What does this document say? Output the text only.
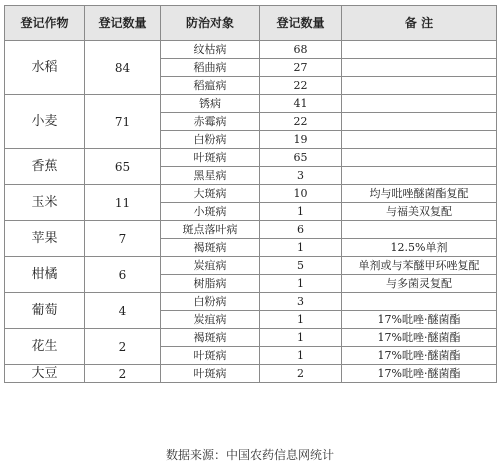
登记作物	登记数量	防治对象	登记数量	备 注
水稻	84	纹枯病	68	
		稻曲病	27	
		稻瘟病	22	
小麦	71	锈病	41	
		赤霉病	22	
		白粉病	19	
香蕉	65	叶斑病	65	
		黑星病	3	
玉米	11	大斑病	10	均与吡唑醚菌酯复配
		小斑病	1	与福美双复配
苹果	7	斑点落叶病	6	
		褐斑病	1	12.5%单剂
柑橘	6	炭疽病	5	单剂或与苯醚甲环唑复配
		树脂病	1	与多菌灵复配
葡萄	4	白粉病	3	
		炭疽病	1	17%吡唑·醚菌酯
花生	2	褐斑病	1	17%吡唑·醚菌酯
		叶斑病	1	17%吡唑·醚菌酯
大豆	2	叶斑病	2	17%吡唑·醚菌酯
数据来源：中国农药信息网统计
